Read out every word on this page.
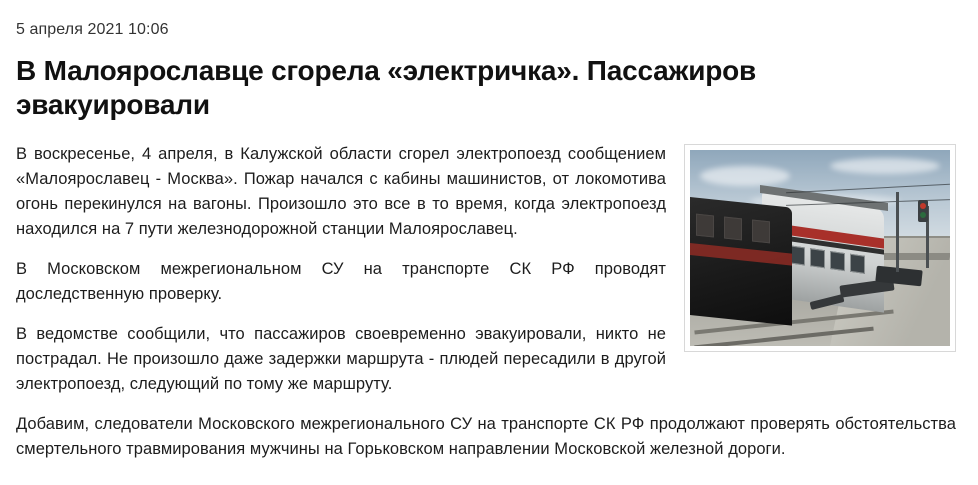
5 апреля 2021 10:06
В Малоярославце сгорела «электричка». Пассажиров эвакуировали

В воскресенье, 4 апреля, в Калужской области сгорел электропоезд сообщением «Малоярославец - Москва». Пожар начался с кабины машинистов, от локомотива огонь перекинулся на вагоны. Произошло это все в то время, когда электропоезд находился на 7 пути железнодорожной станции Малоярославец.

В Московском межрегиональном СУ на транспорте СК РФ проводят доследственную проверку.

В ведомстве сообщили, что пассажиров своевременно эвакуировали, никто не пострадал. Не произошло даже задержки маршрута - плюдей пересадили в другой электропоезд, следующий по тому же маршруту.

Добавим, следователи Московского межрегионального СУ на транспорте СК РФ продолжают проверять обстоятельства смертельного травмирования мужчины на Горьковском направлении Московской железной дороги.
